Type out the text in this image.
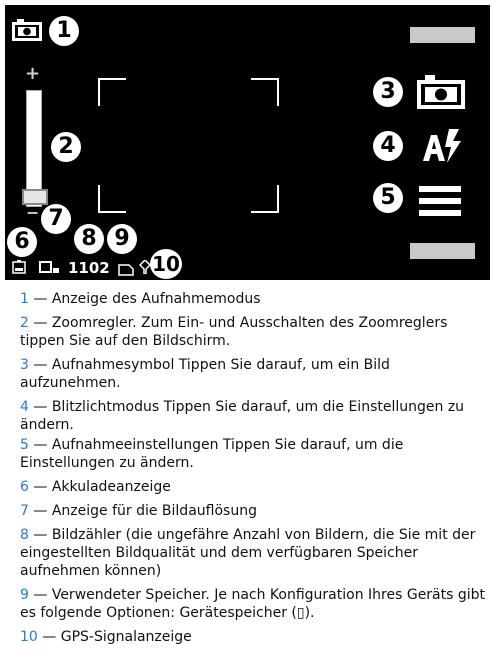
1
+
−
2
3
4
5
6
7
8 9
10
1102
1 — Anzeige des Aufnahmemodus
2 — Zoomregler. Zum Ein- und Ausschalten des Zoomreglers tippen Sie auf den Bildschirm.
3 — Aufnahmesymbol Tippen Sie darauf, um ein Bild aufzunehmen.
4 — Blitzlichtmodus Tippen Sie darauf, um die Einstellungen zu ändern.
5 — Aufnahmeeinstellungen Tippen Sie darauf, um die Einstellungen zu ändern.
6 — Akkuladeanzeige
7 — Anzeige für die Bildauflösung
8 — Bildzähler (die ungefähre Anzahl von Bildern, die Sie mit der eingestellten Bildqualität und dem verfügbaren Speicher aufnehmen können)
9 — Verwendeter Speicher. Je nach Konfiguration Ihres Geräts gibt es folgende Optionen: Gerätespeicher (▯).
10 — GPS-Signalanzeige
